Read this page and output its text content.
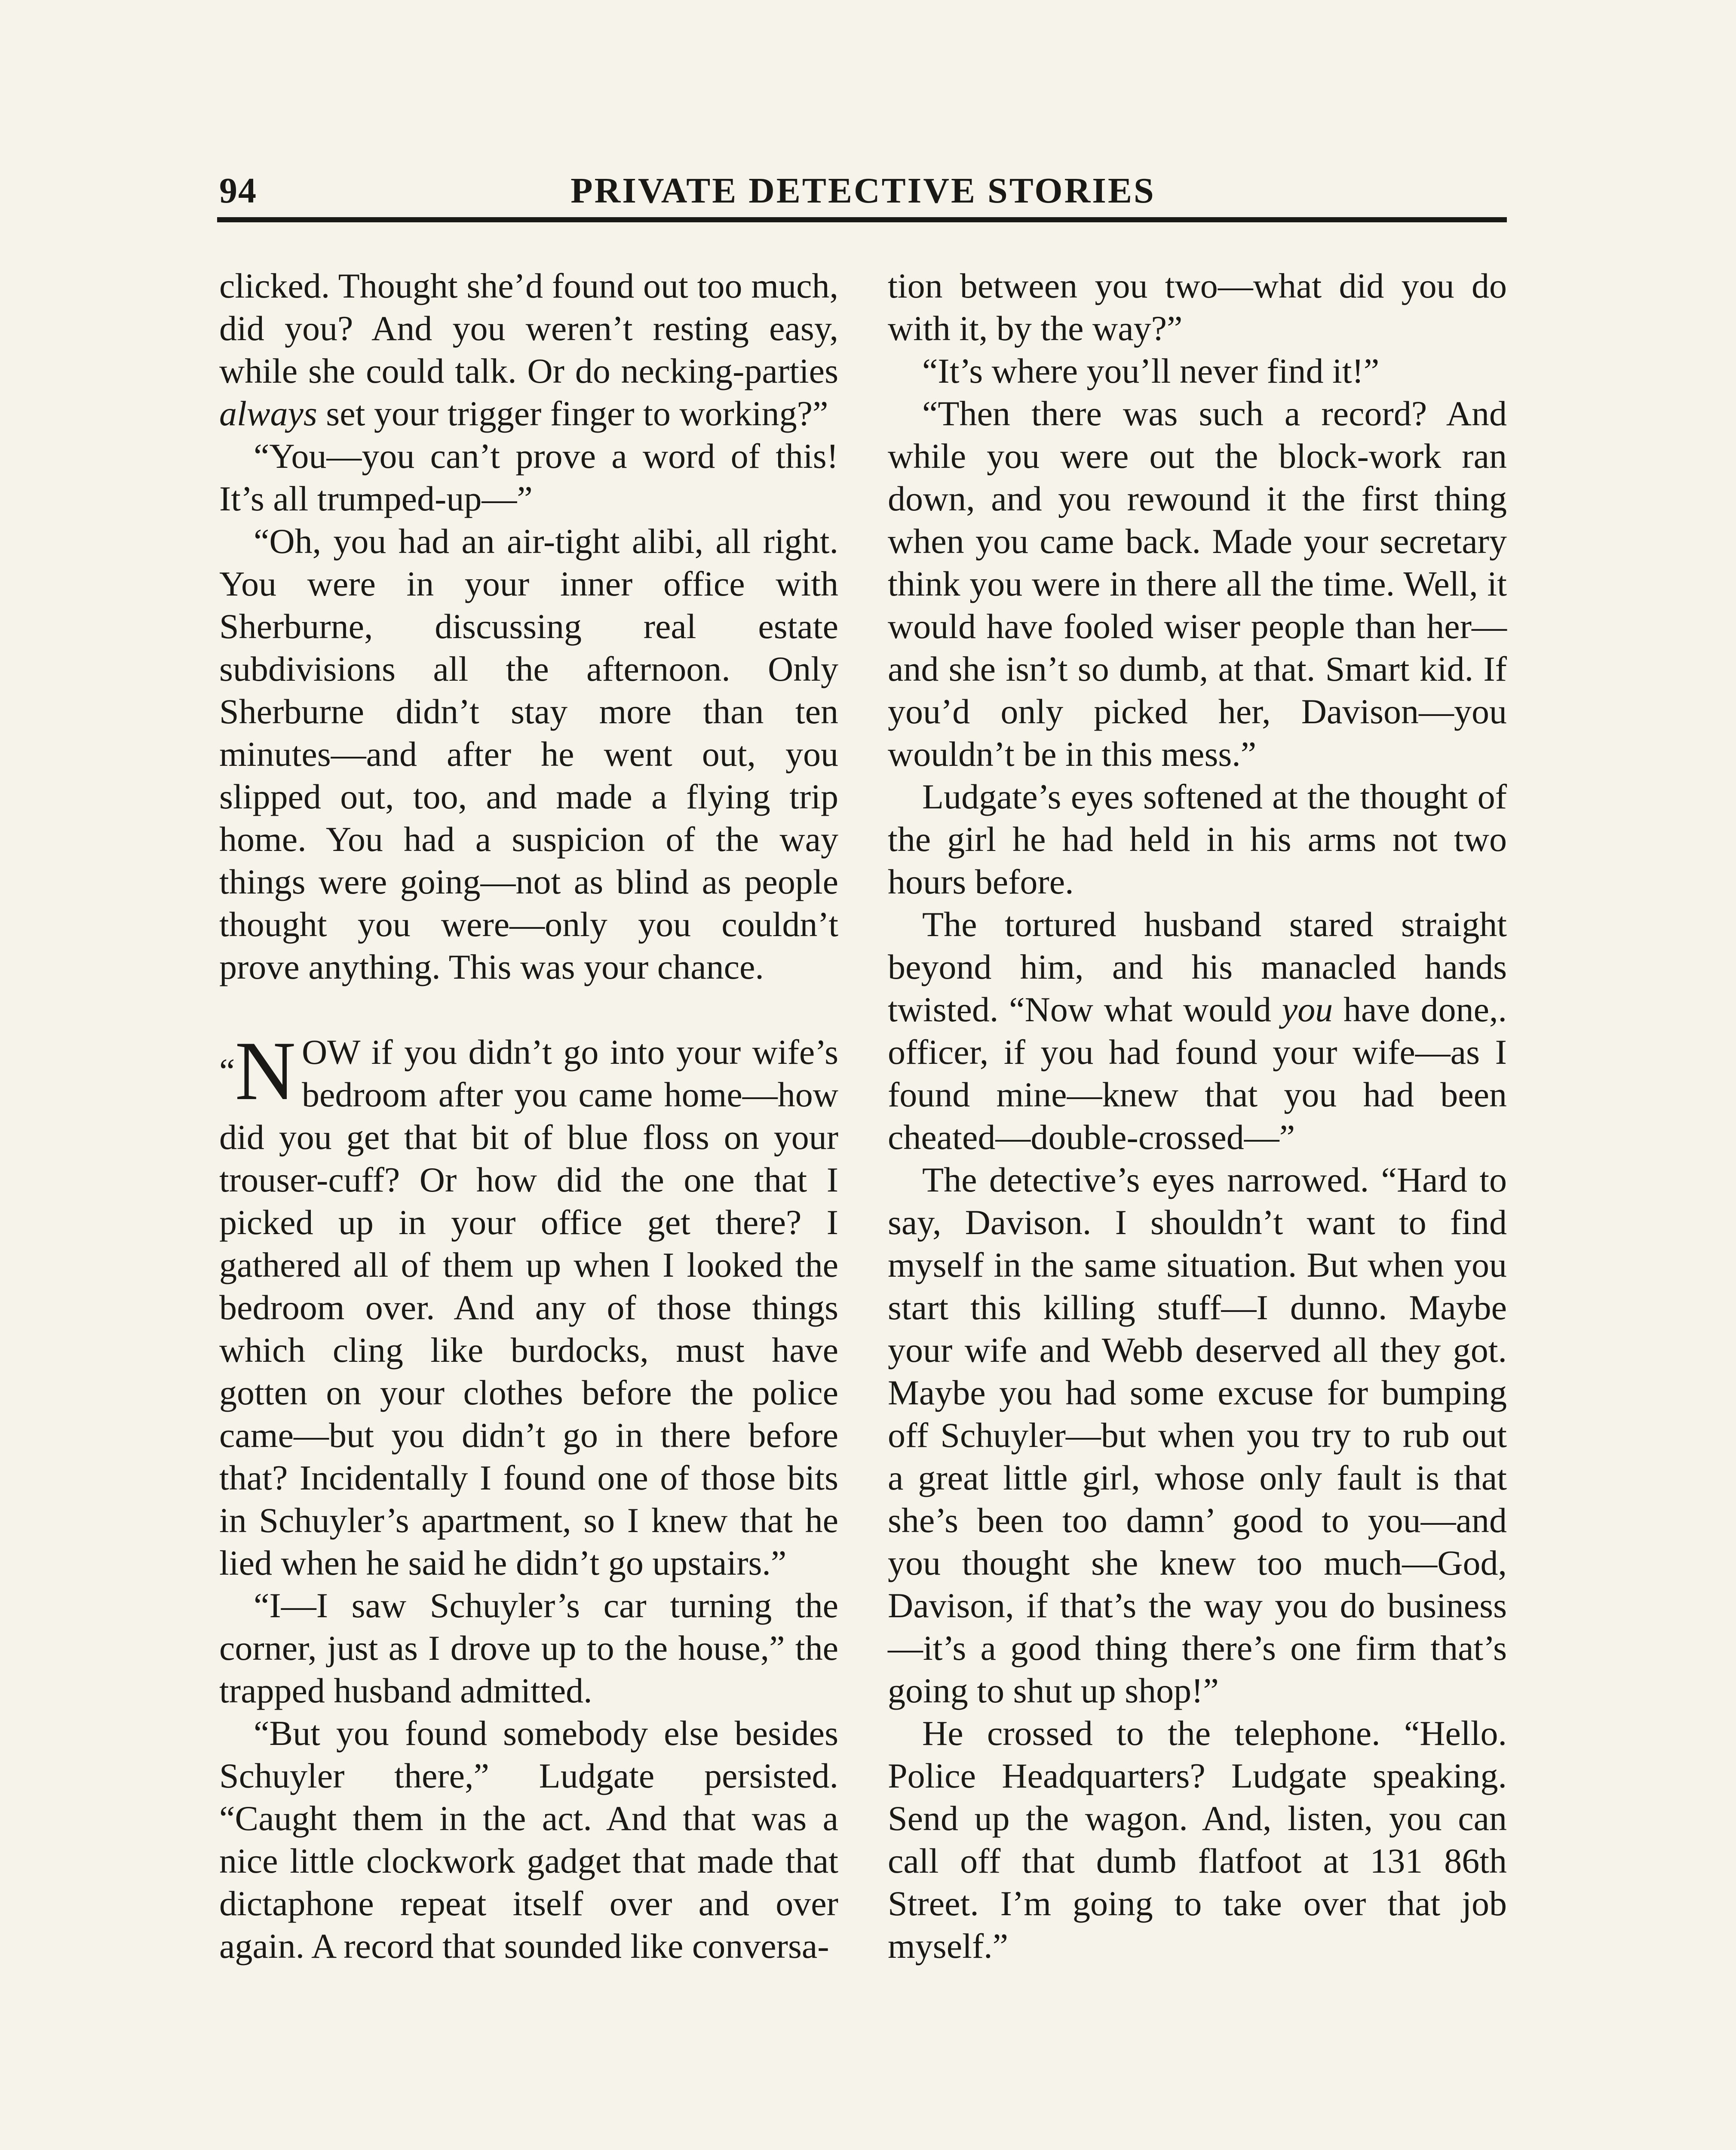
94	PRIVATE DETECTIVE STORIES

clicked. Thought she’d found out too much, did you? And you weren’t resting easy, while she could talk. Or do necking-parties always set your trigger finger to working?”

“You—you can’t prove a word of this! It’s all trumped-up—”

“Oh, you had an air-tight alibi, all right. You were in your inner office with Sherburne, discussing real estate subdivisions all the afternoon. Only Sherburne didn’t stay more than ten minutes—and after he went out, you slipped out, too, and made a flying trip home. You had a suspicion of the way things were going—not as blind as people thought you were—only you couldn’t prove anything. This was your chance.

“N OW if you didn’t go into your wife’s bedroom after you came home—how did you get that bit of blue floss on your trouser-cuff? Or how did the one that I picked up in your office get there? I gathered all of them up when I looked the bedroom over. And any of those things which cling like burdocks, must have gotten on your clothes before the police came—but you didn’t go in there before that? Incidentally I found one of those bits in Schuyler’s apartment, so I knew that he lied when he said he didn’t go upstairs.”

“I—I saw Schuyler’s car turning the corner, just as I drove up to the house,” the trapped husband admitted.

“But you found somebody else besides Schuyler there,” Ludgate persisted. “Caught them in the act. And that was a nice little clockwork gadget that made that dictaphone repeat itself over and over again. A record that sounded like conversa-

tion between you two—what did you do with it, by the way?”

“It’s where you’ll never find it!”

“Then there was such a record? And while you were out the block-work ran down, and you rewound it the first thing when you came back. Made your secretary think you were in there all the time. Well, it would have fooled wiser people than her—and she isn’t so dumb, at that. Smart kid. If you’d only picked her, Davison—you wouldn’t be in this mess.”

Ludgate’s eyes softened at the thought of the girl he had held in his arms not two hours before.

The tortured husband stared straight beyond him, and his manacled hands twisted. “Now what would you have done,. officer, if you had found your wife—as I found mine—knew that you had been cheated—double-crossed—”

The detective’s eyes narrowed. “Hard to say, Davison. I shouldn’t want to find myself in the same situation. But when you start this killing stuff—I dunno. Maybe your wife and Webb deserved all they got. Maybe you had some excuse for bumping off Schuyler—but when you try to rub out a great little girl, whose only fault is that she’s been too damn’ good to you—and you thought she knew too much—God, Davison, if that’s the way you do business—it’s a good thing there’s one firm that’s going to shut up shop!”

He crossed to the telephone. “Hello. Police Headquarters? Ludgate speaking. Send up the wagon. And, listen, you can call off that dumb flatfoot at 131 86th Street. I’m going to take over that job myself.”
